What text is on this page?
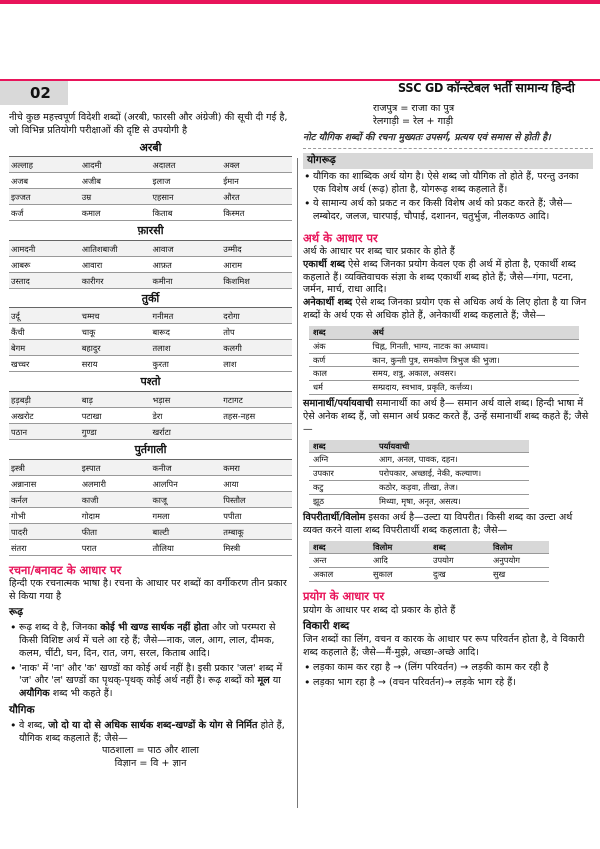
02	SSC GD कॉन्स्टेबल भर्ती सामान्य हिन्दी

नीचे कुछ महत्त्वपूर्ण विदेशी शब्दों (अरबी, फारसी और अंग्रेजी) की सूची दी गई है, जो विभिन्न प्रतियोगी परीक्षाओं की दृष्टि से उपयोगी है

अरबी

अल्लाह	आदमी	अदालत	अक्ल
अजब	अजीब	इलाज	ईमान
इज्जत	उम्र	एहसान	औरत
कर्ज	कमाल	किताब	किस्मत

फ़ारसी

आमदनी	आतिशबाजी	आवाज	उम्मीद
आबरू	आवारा	आफ़त	आराम
उस्ताद	कारीगर	कमीना	किशमिश

तुर्की

उर्दू	चम्मच	गनीमत	दरोगा
कैंची	चाकू	बारूद	तोप
बेगम	बहादुर	तलाश	कलगी
खच्चर	सराय	कुरता	लाश

पश्तो

हड़बड़ी	बाड़	भड़ास	गटागट
अखरोट	पटाखा	डेरा	तहस-नहस
पठान	गुण्डा	खर्राटा	

पुर्तगाली

इस्त्री	इस्पात	कनीज	कमरा
अन्नानास	अलमारी	आलपिन	आया
कर्नल	काजी	काजू	पिस्तौल
गोभी	गोदाम	गमला	पपीता
पादरी	फीता	बाल्टी	तम्बाकू
संतरा	परात	तौलिया	मिस्त्री

रचना/बनावट के आधार पर

हिन्दी एक रचनात्मक भाषा है। रचना के आधार पर शब्दों का वर्गीकरण तीन प्रकार से किया गया है

रूढ़

• रूढ़ शब्द वे है, जिनका कोई भी खण्ड सार्थक नहीं होता और जो परम्परा से किसी विशिष्ट अर्थ में चले आ रहे हैं; जैसे—नाक, जल, आग, लाल, दीमक, कलम, चींटी, घन, दिन, रात, जग, सरल, किताब आदि।

• 'नाक' में 'ना' और 'क' खण्डों का कोई अर्थ नहीं है। इसी प्रकार 'जल' शब्द में 'ज' और 'ल' खण्डों का पृथक्-पृथक् कोई अर्थ नहीं है। रूढ़ शब्दों को मूल या अयौगिक शब्द भी कहते हैं।

यौगिक

• वे शब्द, जो दो या दो से अधिक सार्थक शब्द-खण्डों के योग से निर्मित होते हैं, यौगिक शब्द कहलाते हैं; जैसे—

पाठशाला = पाठ और शाला

विज्ञान = वि + ज्ञान

राजपुत्र = राजा का पुत्र

रेलगाड़ी = रेल + गाड़ी

नोट यौगिक शब्दों की रचना मुख्यतः उपसर्ग, प्रत्यय एवं समास से होती है।

योगरूढ़

• यौगिक का शाब्दिक अर्थ योग है। ऐसे शब्द जो यौगिक तो होते हैं, परन्तु उनका एक विशेष अर्थ (रूढ़) होता है, योगरूढ़ शब्द कहलाते हैं।

• ये सामान्य अर्थ को प्रकट न कर किसी विशेष अर्थ को प्रकट करते हैं; जैसे—लम्बोदर, जलज, चारपाई, चौपाई, दशानन, चतुर्भुज, नीलकण्ठ आदि।

अर्थ के आधार पर

अर्थ के आधार पर शब्द चार प्रकार के होते हैं

एकार्थी शब्द ऐसे शब्द जिनका प्रयोग केवल एक ही अर्थ में होता है, एकार्थी शब्द कहलाते हैं। व्यक्तिवाचक संज्ञा के शब्द एकार्थी शब्द होते हैं; जैसे—गंगा, पटना, जर्मन, मार्च, राधा आदि।

अनेकार्थी शब्द ऐसे शब्द जिनका प्रयोग एक से अधिक अर्थ के लिए होता है या जिन शब्दों के अर्थ एक से अधिक होते हैं, अनेकार्थी शब्द कहलाते हैं; जैसे—

शब्द	अर्थ
अंक	चिह्न, गिनती, भाग्य, नाटक का अध्याय।
कर्ण	कान, कुन्ती पुत्र, समकोण त्रिभुज की भुजा।
काल	समय, शत्रु, अकाल, अवसर।
धर्म	सम्प्रदाय, स्वभाव, प्रकृति, कर्त्तव्य।

समानार्थी/पर्यायवाची समानार्थी का अर्थ है— समान अर्थ वाले शब्द। हिन्दी भाषा में ऐसे अनेक शब्द हैं, जो समान अर्थ प्रकट करते हैं, उन्हें समानार्थी शब्द कहते हैं; जैसे—

शब्द	पर्यायवाची
अग्नि	आग, अनल, पावक, दहन।
उपकार	परोपकार, अच्छाई, नेकी, कल्याण।
कटु	कठोर, कड़वा, तीखा, तेज।
झूठ	मिथ्या, मृषा, अनृत, असत्य।

विपरीतार्थी/विलोम इसका अर्थ है—उल्टा या विपरीत। किसी शब्द का उल्टा अर्थ व्यक्त करने वाला शब्द विपरीतार्थी शब्द कहलाता है; जैसे—

शब्द	विलोम	शब्द	विलोम
अन्त	आदि	उपयोग	अनुपयोग
अकाल	सुकाल	दुःख	सुख

प्रयोग के आधार पर

प्रयोग के आधार पर शब्द दो प्रकार के होते हैं

विकारी शब्द

जिन शब्दों का लिंग, वचन व कारक के आधार पर रूप परिवर्तन होता है, वे विकारी शब्द कहलाते हैं; जैसे—मैं-मुझे, अच्छा-अच्छे आदि।

• लड़का काम कर रहा है → (लिंग परिवर्तन) → लड़की काम कर रही है

• लड़का भाग रहा है → (वचन परिवर्तन)→ लड़के भाग रहे हैं।
